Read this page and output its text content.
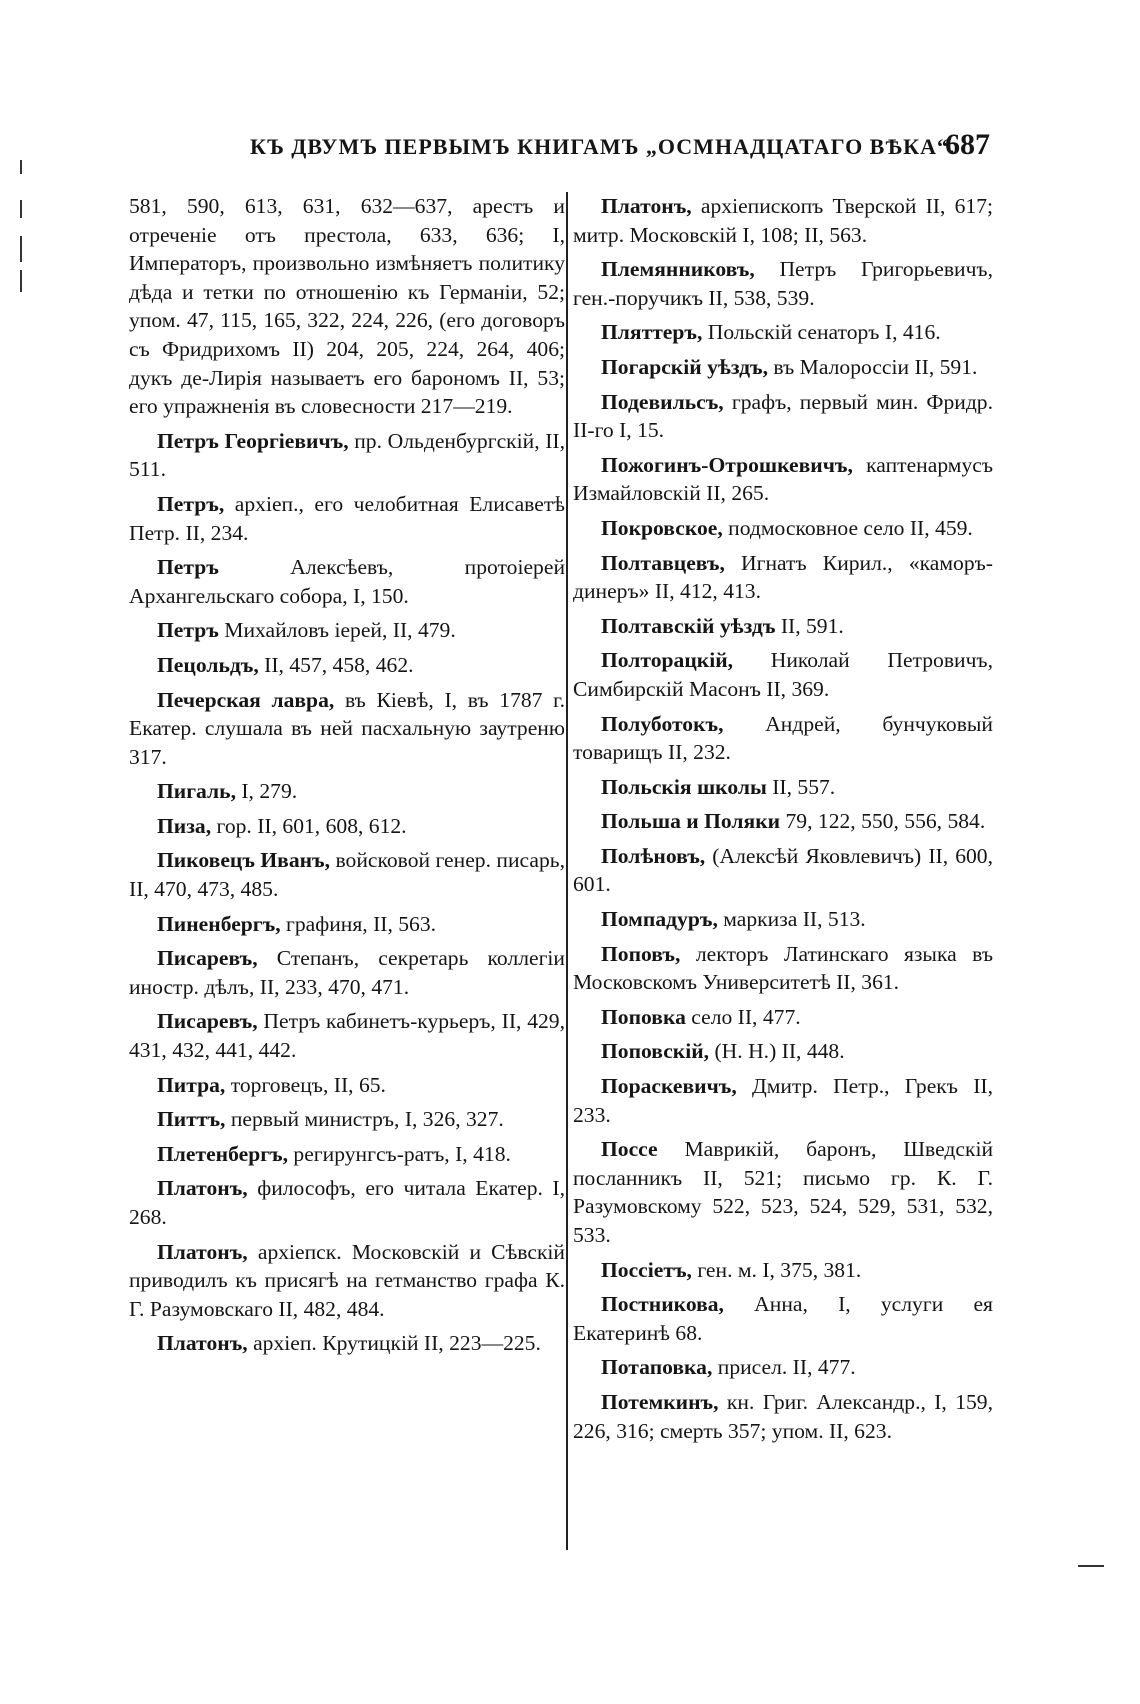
КЪ ДВУМЪ ПЕРВЫМЪ КНИГАМЪ „ОСМНАДЦАТАГО ВѢКА“.
687

581, 590, 613, 631, 632—637, арестъ и отреченіе отъ престола, 633, 636; I, Императоръ, произвольно измѣняетъ политику дѣда и тетки по отношенію къ Германіи, 52; упом. 47, 115, 165, 322, 224, 226, (его договоръ съ Фридрихомъ II) 204, 205, 224, 264, 406; дукъ де-Лирія называетъ его барономъ II, 53; его упражненія въ словесности 217—219.

Петръ Георгіевичъ, пр. Ольденбургскій, II, 511.

Петръ, архіеп., его челобитная Елисаветѣ Петр. II, 234.

Петръ Алексѣевъ, протоіерей Архангельскаго собора, I, 150.

Петръ Михайловъ іерей, II, 479.

Пецольдъ, II, 457, 458, 462.

Печерская лавра, въ Кіевѣ, I, въ 1787 г. Екатер. слушала въ ней пасхальную заутреню 317.

Пигаль, I, 279.

Пиза, гор. II, 601, 608, 612.

Пиковецъ Иванъ, войсковой генер. писарь, II, 470, 473, 485.

Пиненбергъ, графиня, II, 563.

Писаревъ, Степанъ, секретарь коллегіи иностр. дѣлъ, II, 233, 470, 471.

Писаревъ, Петръ кабинетъ-курьеръ, II, 429, 431, 432, 441, 442.

Питра, торговецъ, II, 65.

Питтъ, первый министръ, I, 326, 327.

Плетенбергъ, регирунгсъ-ратъ, I, 418.

Платонъ, философъ, его читала Екатер. I, 268.

Платонъ, архіепск. Московскій и Сѣвскій приводилъ къ присягѣ на гетманство графа К. Г. Разумовскаго II, 482, 484.

Платонъ, архіеп. Крутицкій II, 223—225.

Платонъ, архіепископъ Тверской II, 617; митр. Московскій I, 108; II, 563.

Племянниковъ, Петръ Григорьевичъ, ген.-поручикъ II, 538, 539.

Пляттеръ, Польскій сенаторъ I, 416.

Погарскій уѣздъ, въ Малороссіи II, 591.

Подевильсъ, графъ, первый мин. Фридр. II-го I, 15.

Пожогинъ-Отрошкевичъ, каптенармусъ Измайловскій II, 265.

Покровское, подмосковное село II, 459.

Полтавцевъ, Игнатъ Кирил., «каморъ-динеръ» II, 412, 413.

Полтавскій уѣздъ II, 591.

Полторацкій, Николай Петровичъ, Симбирскій Масонъ II, 369.

Полуботокъ, Андрей, бунчуковый товарищъ II, 232.

Польскія школы II, 557.

Польша и Поляки 79, 122, 550, 556, 584.

Полѣновъ, (Алексѣй Яковлевичъ) II, 600, 601.

Помпадуръ, маркиза II, 513.

Поповъ, лекторъ Латинскаго языка въ Московскомъ Университетѣ II, 361.

Поповка село II, 477.

Поповскій, (Н. Н.) II, 448.

Пораскевичъ, Дмитр. Петр., Грекъ II, 233.

Поссе Маврикій, баронъ, Шведскій посланникъ II, 521; письмо гр. К. Г. Разумовскому 522, 523, 524, 529, 531, 532, 533.

Поссіетъ, ген. м. I, 375, 381.

Постникова, Анна, I, услуги ея Екатеринѣ 68.

Потаповка, присел. II, 477.

Потемкинъ, кн. Григ. Александр., I, 159, 226, 316; смерть 357; упом. II, 623.
